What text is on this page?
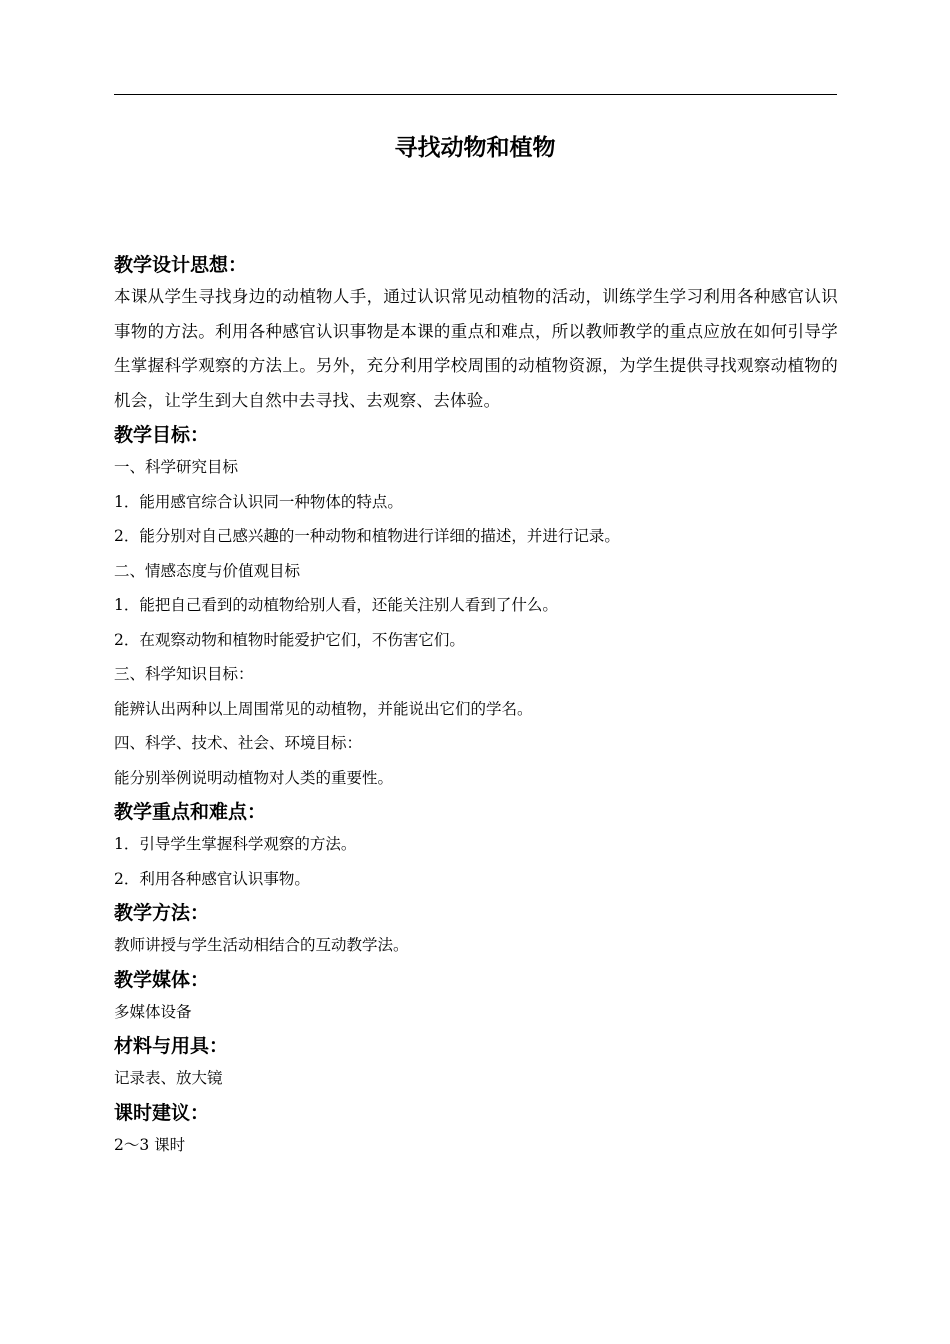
寻找动物和植物
教学设计思想：

本课从学生寻找身边的动植物人手，通过认识常见动植物的活动，训练学生学习利用各种感官认识事物的方法。利用各种感官认识事物是本课的重点和难点，所以教师教学的重点应放在如何引导学生掌握科学观察的方法上。另外，充分利用学校周围的动植物资源，为学生提供寻找观察动植物的机会，让学生到大自然中去寻找、去观察、去体验。

教学目标：

一、科学研究目标

1．能用感官综合认识同一种物体的特点。

2．能分别对自己感兴趣的一种动物和植物进行详细的描述，并进行记录。

二、情感态度与价值观目标

1．能把自己看到的动植物给别人看，还能关注别人看到了什么。

2．在观察动物和植物时能爱护它们，不伤害它们。

三、科学知识目标：

能辨认出两种以上周围常见的动植物，并能说出它们的学名。

四、科学、技术、社会、环境目标：

能分别举例说明动植物对人类的重要性。

教学重点和难点：

1．引导学生掌握科学观察的方法。

2．利用各种感官认识事物。

教学方法：

教师讲授与学生活动相结合的互动教学法。

教学媒体：

多媒体设备

材料与用具：

记录表、放大镜

课时建议：

2～3 课时
